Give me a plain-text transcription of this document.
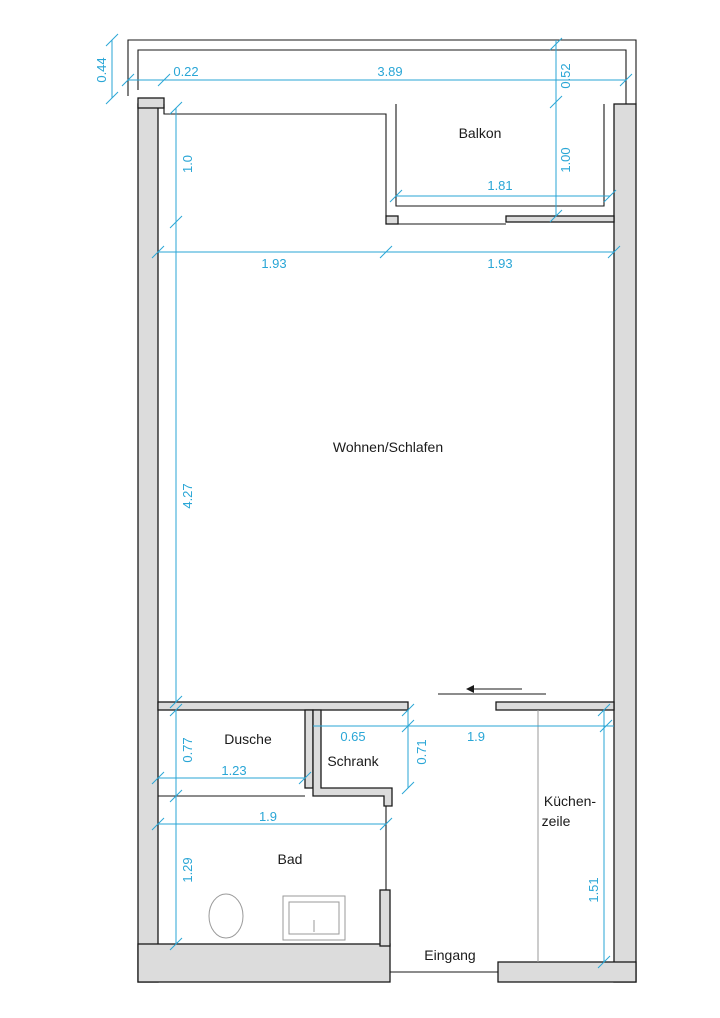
0.44	0.22	3.89	0.52
1.00
1.81
1.0
1.93	1.93
4.27
0.77
1.23
0.65
0.71
1.9
1.9
1.29
1.51
Balkon
Wohnen/Schlafen
Dusche
Schrank
Küchen-
zeile
Bad
Eingang
